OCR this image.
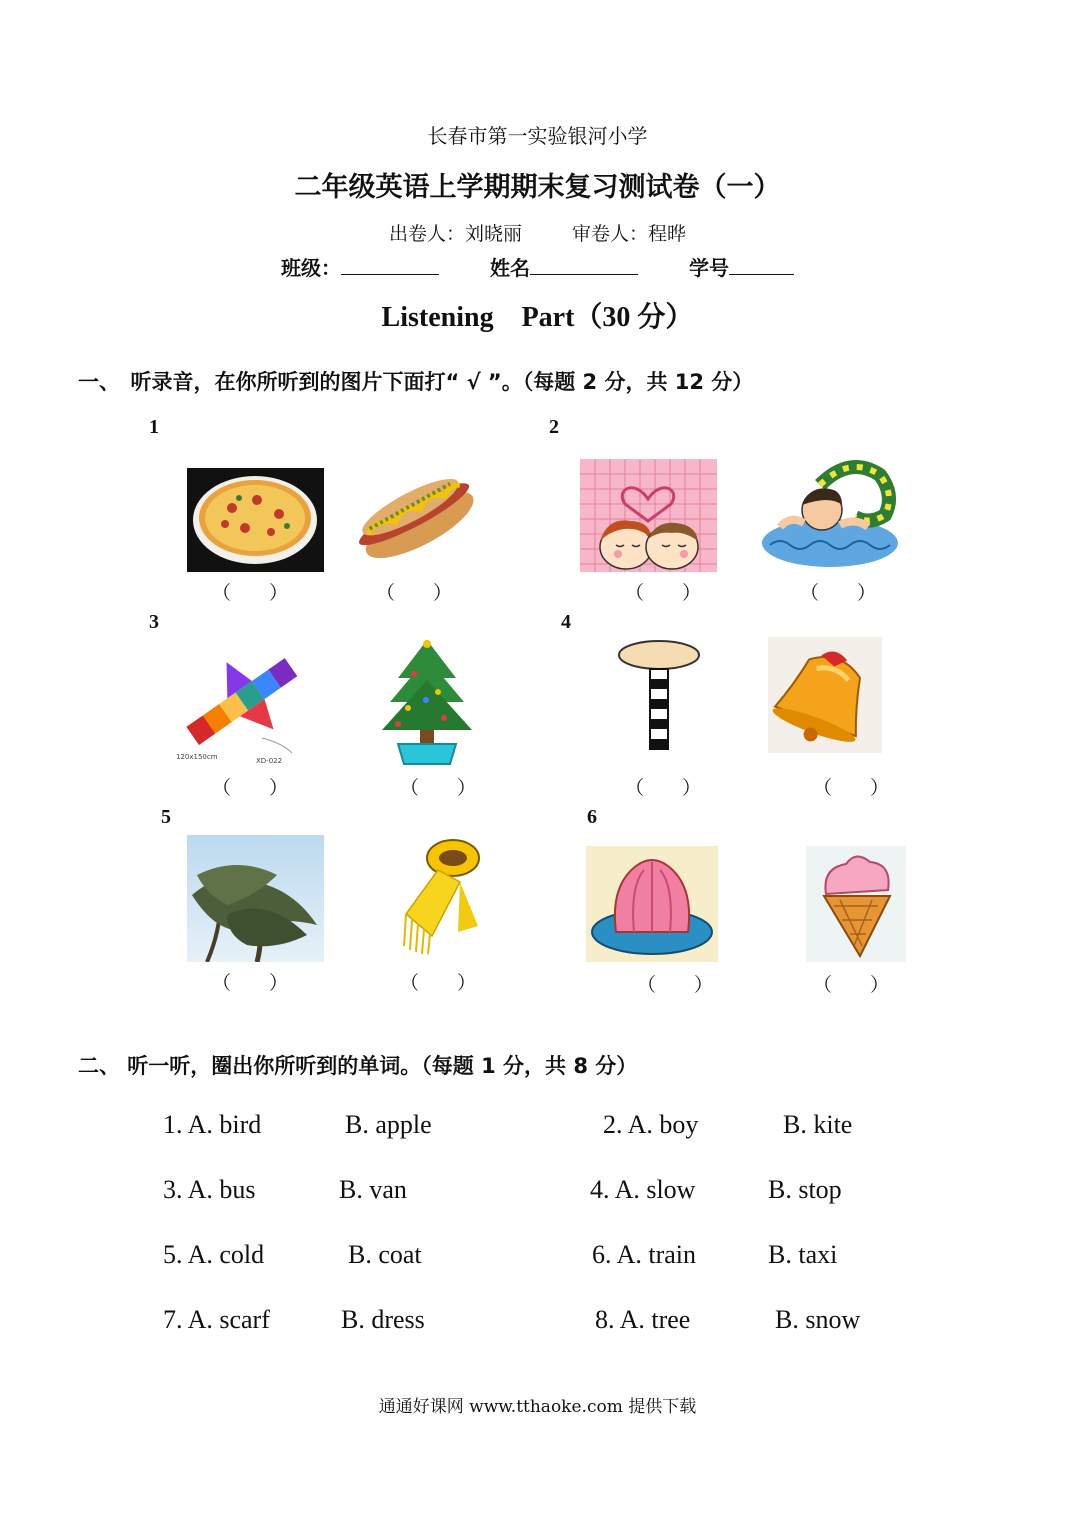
长春市第一实验银河小学
二年级英语上学期期末复习测试卷（一）
出卷人：刘晓丽	审卷人：程晔
班级：	姓名	学号
Listening　Part（30 分）
一、　听录音，在你所听到的图片下面打“ √ ”。（每题 2 分，共 12 分）
1	2
3	4
5	6
120x150cm	XD-022
（　　）	（　　）	（　　）	（　　）
（　　）	（　　）	（　　）	（　　）
（　　）	（　　）	（　　）	（　　）
二、 听一听，圈出你所听到的单词。（每题 1 分，共 8 分）
1. A. bird	B. apple	2. A. boy	B. kite
3. A. bus	B. van	4. A. slow	B. stop
5. A. cold	B. coat	6. A. train	B. taxi
7. A. scarf	B. dress	8. A. tree	B. snow
通通好课网 www.tthaoke.com 提供下载
